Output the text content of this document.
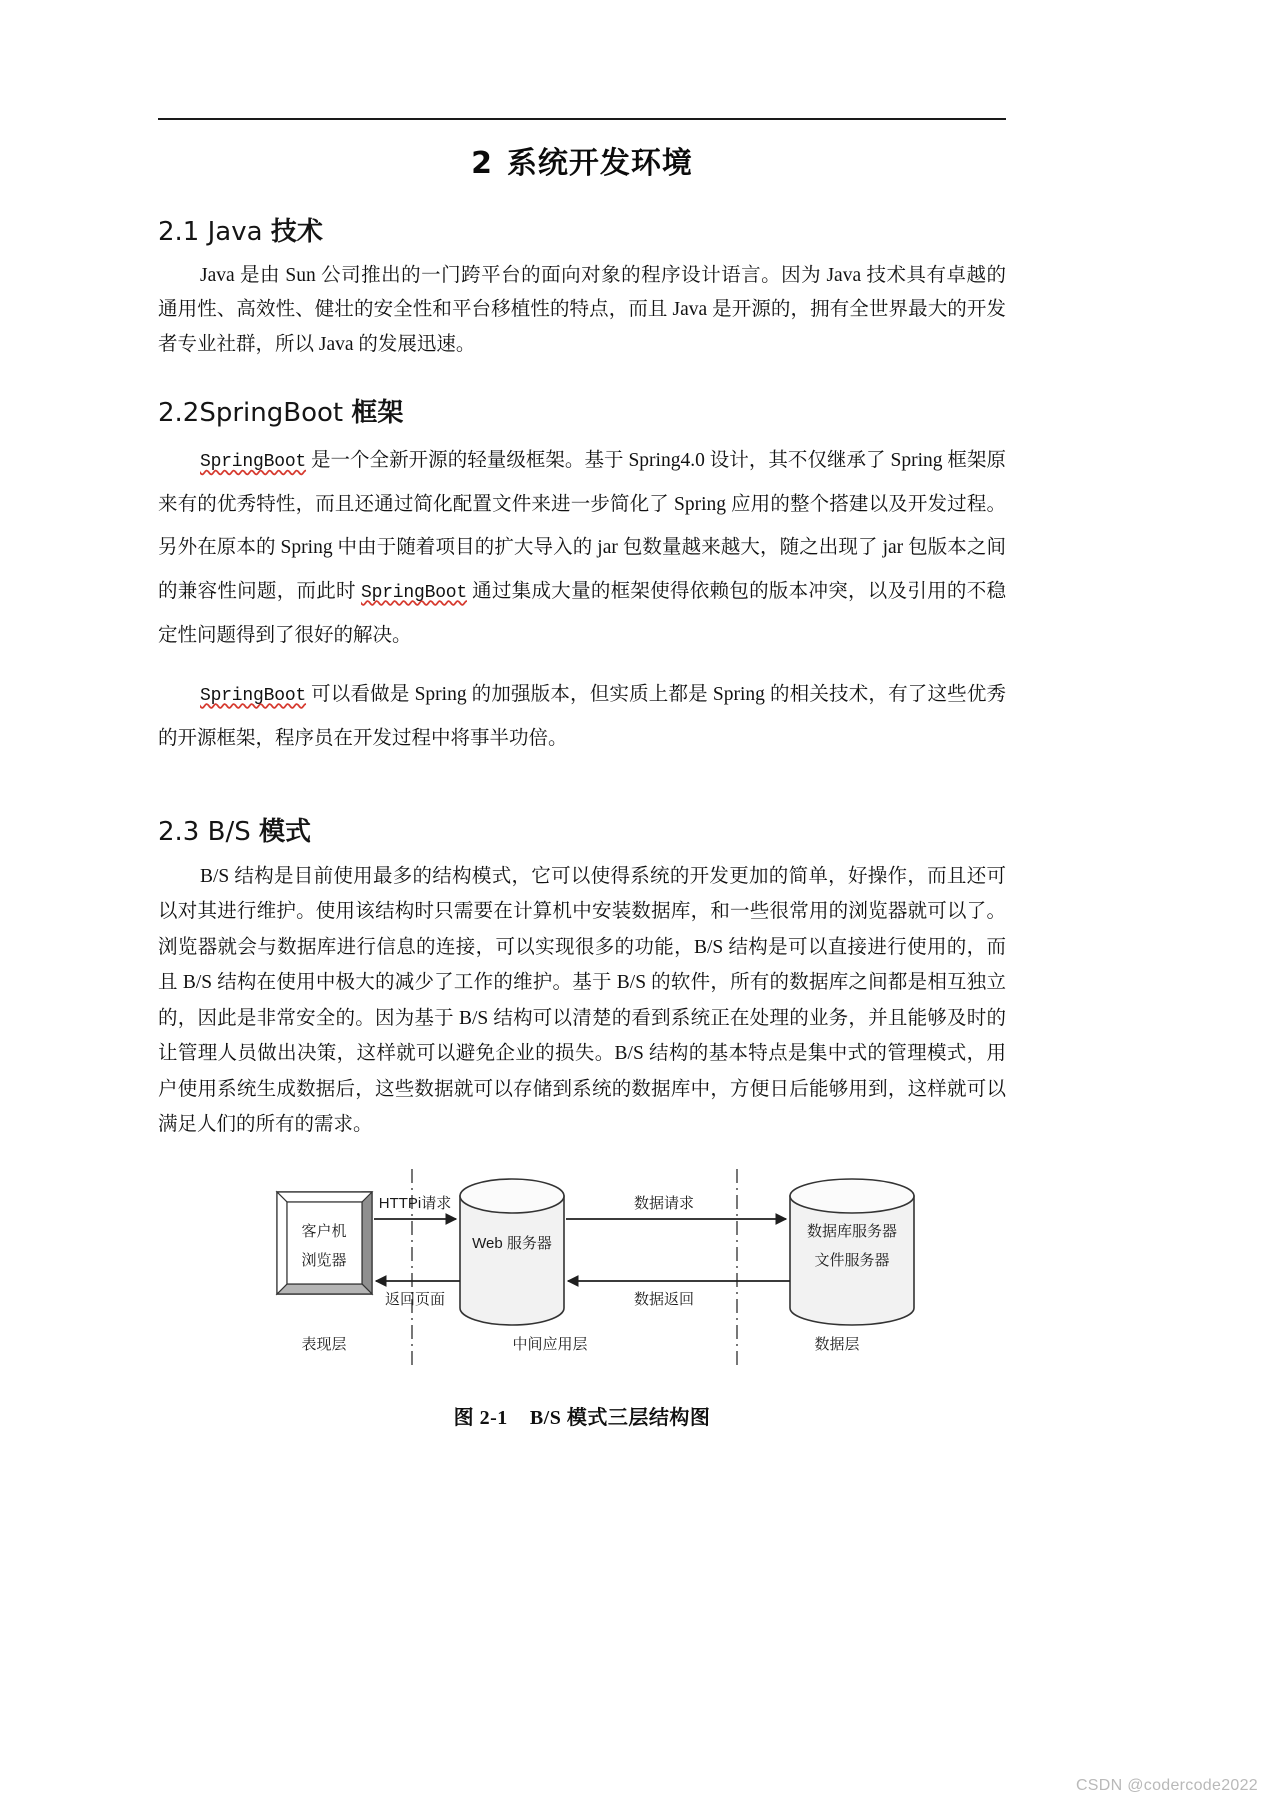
2 系统开发环境
2.1 Java 技术

Java 是由 Sun 公司推出的一门跨平台的面向对象的程序设计语言。因为 Java 技术具有卓越的通用性、高效性、健壮的安全性和平台移植性的特点，而且 Java 是开源的，拥有全世界最大的开发者专业社群，所以 Java 的发展迅速。

2.2SpringBoot 框架

SpringBoot 是一个全新开源的轻量级框架。基于 Spring4.0 设计，其不仅继承了 Spring 框架原来有的优秀特性，而且还通过简化配置文件来进一步简化了 Spring 应用的整个搭建以及开发过程。另外在原本的 Spring 中由于随着项目的扩大导入的 jar 包数量越来越大，随之出现了 jar 包版本之间的兼容性问题，而此时 SpringBoot 通过集成大量的框架使得依赖包的版本冲突，以及引用的不稳定性问题得到了很好的解决。

SpringBoot 可以看做是 Spring 的加强版本，但实质上都是 Spring 的相关技术，有了这些优秀的开源框架，程序员在开发过程中将事半功倍。

2.3 B/S 模式

B/S 结构是目前使用最多的结构模式，它可以使得系统的开发更加的简单，好操作，而且还可以对其进行维护。使用该结构时只需要在计算机中安装数据库，和一些很常用的浏览器就可以了。浏览器就会与数据库进行信息的连接，可以实现很多的功能，B/S 结构是可以直接进行使用的，而且 B/S 结构在使用中极大的减少了工作的维护。基于 B/S 的软件，所有的数据库之间都是相互独立的，因此是非常安全的。因为基于 B/S 结构可以清楚的看到系统正在处理的业务，并且能够及时的让管理人员做出决策，这样就可以避免企业的损失。B/S 结构的基本特点是集中式的管理模式，用户使用系统生成数据后，这些数据就可以存储到系统的数据库中，方便日后能够用到，这样就可以满足人们的所有的需求。

客户机
浏览器
Web 服务器
数据库服务器
文件服务器
HTTPi请求
返回页面
数据请求
数据返回
表现层	中间应用层	数据层
图 2-1 B/S 模式三层结构图
CSDN @codercode2022
